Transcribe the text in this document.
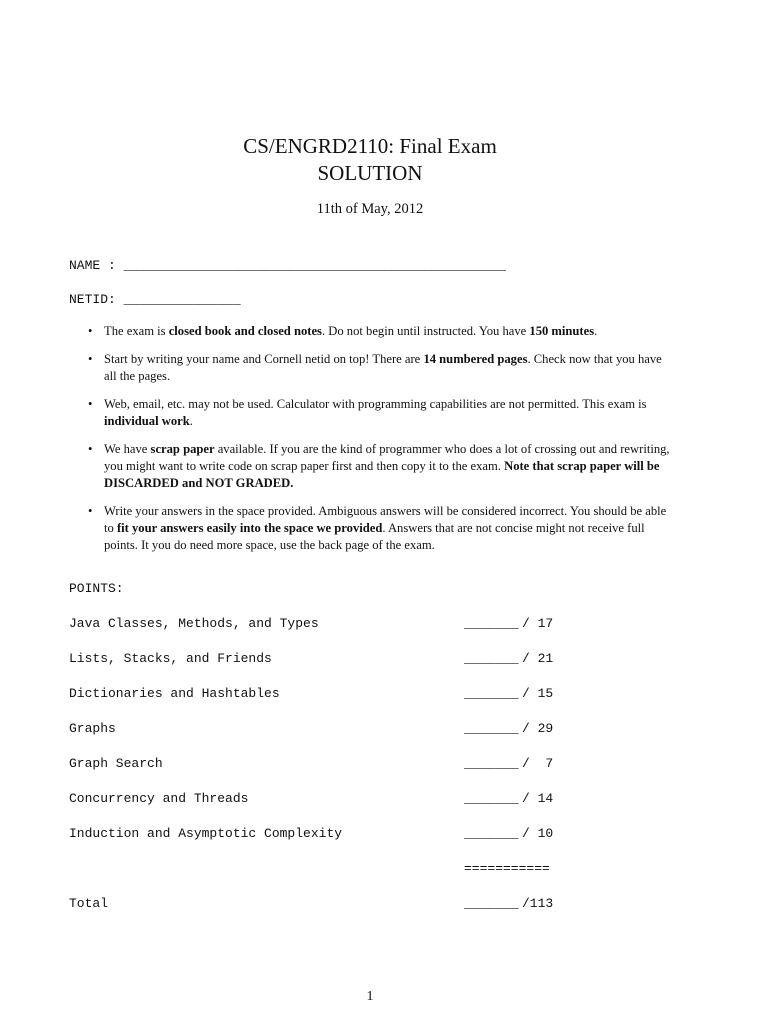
CS/ENGRD2110: Final Exam
SOLUTION
11th of May, 2012
NAME : _________________________________________________
NETID: _______________
• The exam is closed book and closed notes. Do not begin until instructed. You have 150 minutes.
• Start by writing your name and Cornell netid on top! There are 14 numbered pages. Check now that you have all the pages.
• Web, email, etc. may not be used. Calculator with programming capabilities are not permitted. This exam is individual work.
• We have scrap paper available. If you are the kind of programmer who does a lot of crossing out and rewriting, you might want to write code on scrap paper first and then copy it to the exam. Note that scrap paper will be DISCARDED and NOT GRADED.
• Write your answers in the space provided. Ambiguous answers will be considered incorrect. You should be able to fit your answers easily into the space we provided. Answers that are not concise might not receive full points. It you do need more space, use the back page of the exam.
POINTS:
Java Classes, Methods, and Types	_______ / 17
Lists, Stacks, and Friends	_______ / 21
Dictionaries and Hashtables	_______ / 15
Graphs	_______ / 29
Graph Search	_______ /  7
Concurrency and Threads	_______ / 14
Induction and Asymptotic Complexity	_______ / 10
Total	_______ /113
===========
1
